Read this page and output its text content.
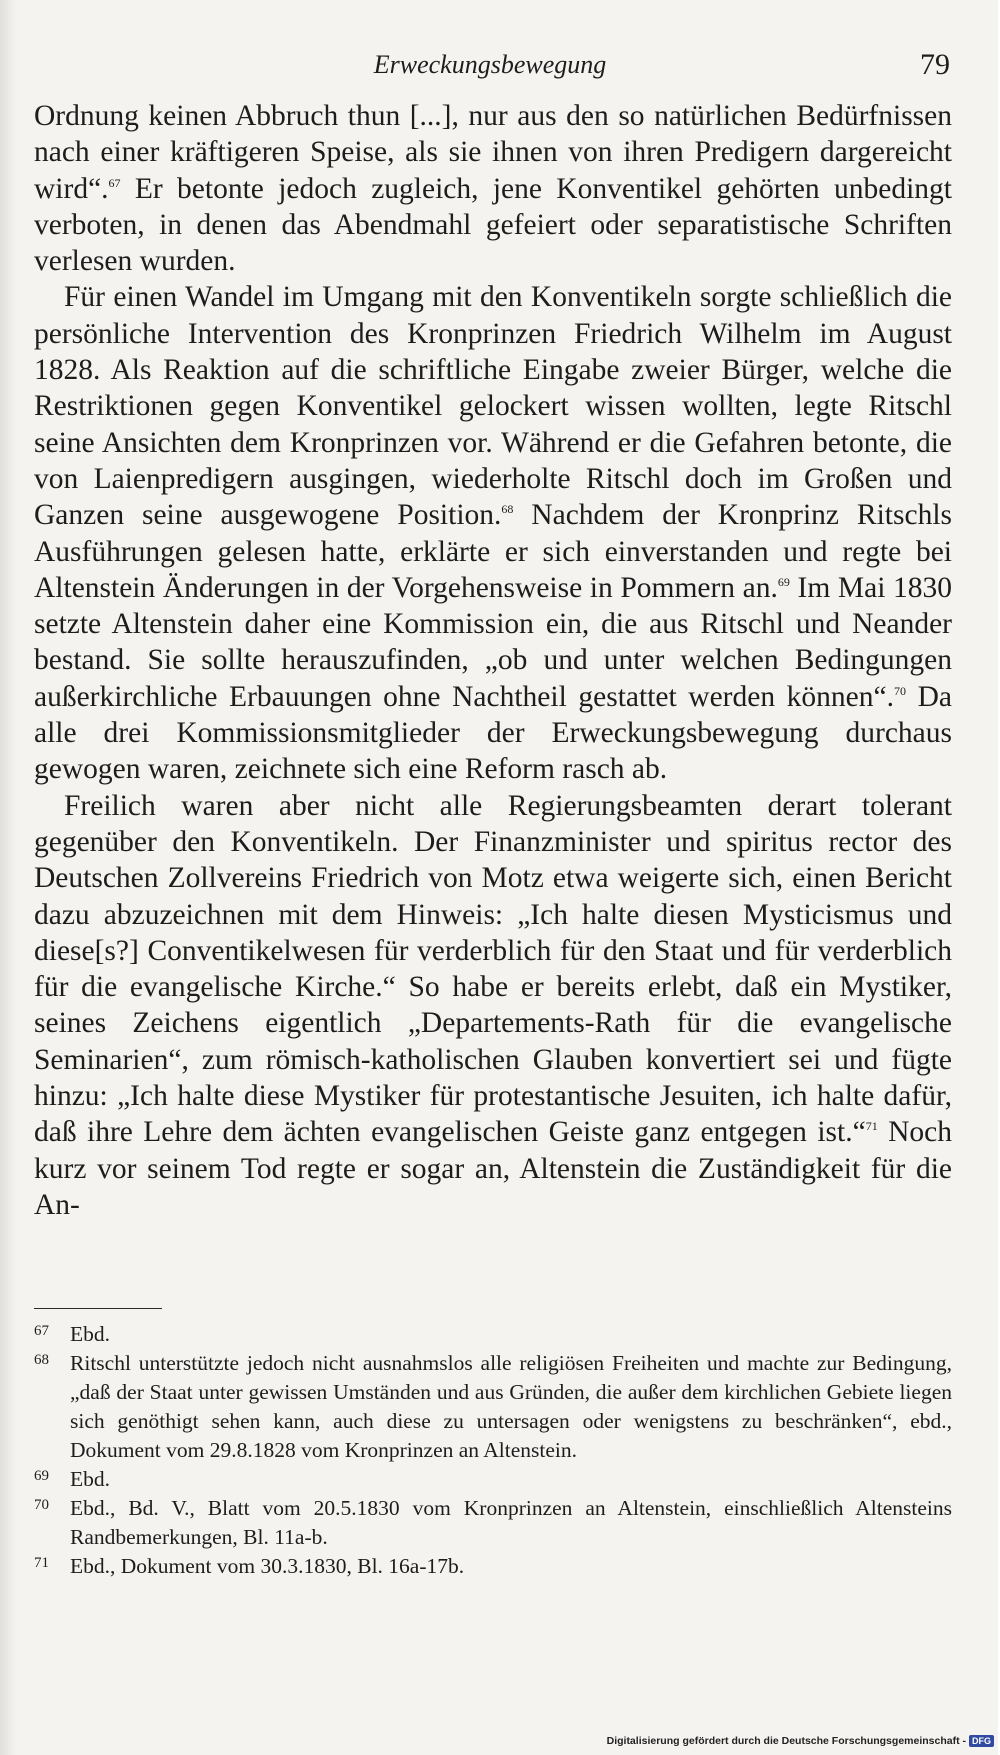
Erweckungsbewegung	79

Ordnung keinen Abbruch thun [...], nur aus den so natürlichen Bedürfnissen nach einer kräftigeren Speise, als sie ihnen von ihren Predigern dargereicht wird“.$^{67}$ Er betonte jedoch zugleich, jene Konventikel gehörten unbedingt verboten, in denen das Abendmahl gefeiert oder separatistische Schriften verlesen wurden.

Für einen Wandel im Umgang mit den Konventikeln sorgte schließlich die persönliche Intervention des Kronprinzen Friedrich Wilhelm im August 1828. Als Reaktion auf die schriftliche Eingabe zweier Bürger, welche die Restriktionen gegen Konventikel gelockert wissen wollten, legte Ritschl seine Ansichten dem Kronprinzen vor. Während er die Gefahren betonte, die von Laienpredigern ausgingen, wiederholte Ritschl doch im Großen und Ganzen seine ausgewogene Position.$^{68}$ Nachdem der Kronprinz Ritschls Ausführungen gelesen hatte, erklärte er sich einverstanden und regte bei Altenstein Änderungen in der Vorgehensweise in Pommern an.$^{69}$ Im Mai 1830 setzte Altenstein daher eine Kommission ein, die aus Ritschl und Neander bestand. Sie sollte herauszufinden, „ob und unter welchen Bedingungen außerkirchliche Erbauungen ohne Nachtheil gestattet werden können“.$^{70}$ Da alle drei Kommissionsmitglieder der Erweckungsbewegung durchaus gewogen waren, zeichnete sich eine Reform rasch ab.

Freilich waren aber nicht alle Regierungsbeamten derart tolerant gegenüber den Konventikeln. Der Finanzminister und spiritus rector des Deutschen Zollvereins Friedrich von Motz etwa weigerte sich, einen Bericht dazu abzuzeichnen mit dem Hinweis: „Ich halte diesen Mysticismus und diese[s?] Conventikelwesen für verderblich für den Staat und für verderblich für die evangelische Kirche.“ So habe er bereits erlebt, daß ein Mystiker, seines Zeichens eigentlich „Departements-Rath für die evangelische Seminarien“, zum römisch-katholischen Glauben konvertiert sei und fügte hinzu: „Ich halte diese Mystiker für protestantische Jesuiten, ich halte dafür, daß ihre Lehre dem ächten evangelischen Geiste ganz entgegen ist.“$^{71}$ Noch kurz vor seinem Tod regte er sogar an, Altenstein die Zuständigkeit für die An-

67 Ebd.
68 Ritschl unterstützte jedoch nicht ausnahmslos alle religiösen Freiheiten und machte zur Bedingung, „daß der Staat unter gewissen Umständen und aus Gründen, die außer dem kirchlichen Gebiete liegen sich genöthigt sehen kann, auch diese zu untersagen oder wenigstens zu beschränken“, ebd., Dokument vom 29.8.1828 vom Kronprinzen an Altenstein.
69 Ebd.
70 Ebd., Bd. V., Blatt vom 20.5.1830 vom Kronprinzen an Altenstein, einschließlich Altensteins Randbemerkungen, Bl. 11a-b.
71 Ebd., Dokument vom 30.3.1830, Bl. 16a-17b.
Digitalisierung gefördert durch die Deutsche Forschungsgemeinschaft - DFG
